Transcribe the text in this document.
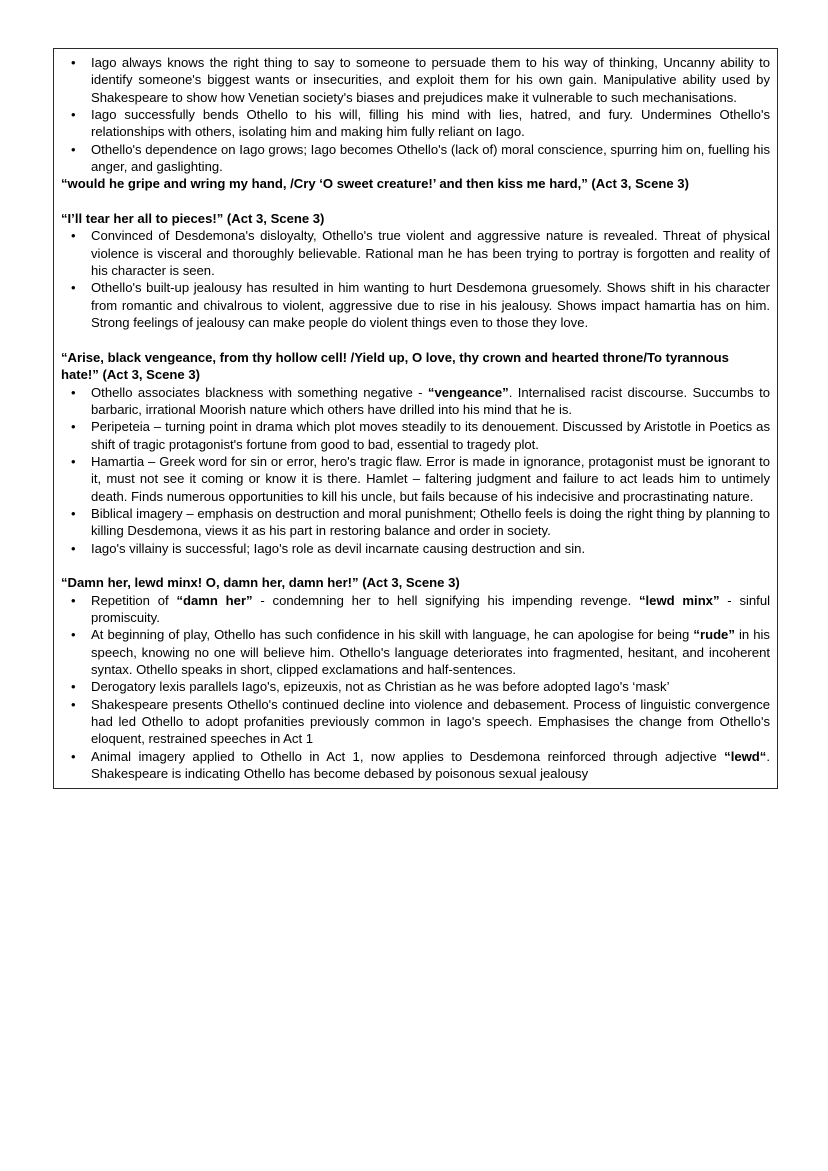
• Iago always knows the right thing to say to someone to persuade them to his way of thinking, Uncanny ability to identify someone's biggest wants or insecurities, and exploit them for his own gain. Manipulative ability used by Shakespeare to show how Venetian society's biases and prejudices make it vulnerable to such mechanisations.
• Iago successfully bends Othello to his will, filling his mind with lies, hatred, and fury. Undermines Othello's relationships with others, isolating him and making him fully reliant on Iago.
• Othello's dependence on Iago grows; Iago becomes Othello's (lack of) moral conscience, spurring him on, fuelling his anger, and gaslighting.

“would he gripe and wring my hand, /Cry ‘O sweet creature!’ and then kiss me hard,” (Act 3, Scene 3)

“I’ll tear her all to pieces!” (Act 3, Scene 3)

• Convinced of Desdemona's disloyalty, Othello's true violent and aggressive nature is revealed. Threat of physical violence is visceral and thoroughly believable. Rational man he has been trying to portray is forgotten and reality of his character is seen.
• Othello's built-up jealousy has resulted in him wanting to hurt Desdemona gruesomely. Shows shift in his character from romantic and chivalrous to violent, aggressive due to rise in his jealousy. Shows impact hamartia has on him. Strong feelings of jealousy can make people do violent things even to those they love.

“Arise, black vengeance, from thy hollow cell! /Yield up, O love, thy crown and hearted throne/To tyrannous hate!” (Act 3, Scene 3)

• Othello associates blackness with something negative - “vengeance”. Internalised racist discourse. Succumbs to barbaric, irrational Moorish nature which others have drilled into his mind that he is.
• Peripeteia – turning point in drama which plot moves steadily to its denouement. Discussed by Aristotle in Poetics as shift of tragic protagonist's fortune from good to bad, essential to tragedy plot.
• Hamartia – Greek word for sin or error, hero's tragic flaw. Error is made in ignorance, protagonist must be ignorant to it, must not see it coming or know it is there. Hamlet – faltering judgment and failure to act leads him to untimely death. Finds numerous opportunities to kill his uncle, but fails because of his indecisive and procrastinating nature.
• Biblical imagery – emphasis on destruction and moral punishment; Othello feels is doing the right thing by planning to killing Desdemona, views it as his part in restoring balance and order in society.
• Iago's villainy is successful; Iago's role as devil incarnate causing destruction and sin.

“Damn her, lewd minx! O, damn her, damn her!” (Act 3, Scene 3)

• Repetition of “damn her” - condemning her to hell signifying his impending revenge. “lewd minx” - sinful promiscuity.
• At beginning of play, Othello has such confidence in his skill with language, he can apologise for being “rude” in his speech, knowing no one will believe him. Othello's language deteriorates into fragmented, hesitant, and incoherent syntax. Othello speaks in short, clipped exclamations and half-sentences.
• Derogatory lexis parallels Iago's, epizeuxis, not as Christian as he was before adopted Iago's ‘mask’
• Shakespeare presents Othello's continued decline into violence and debasement. Process of linguistic convergence had led Othello to adopt profanities previously common in Iago's speech. Emphasises the change from Othello's eloquent, restrained speeches in Act 1
• Animal imagery applied to Othello in Act 1, now applies to Desdemona reinforced through adjective “lewd“. Shakespeare is indicating Othello has become debased by poisonous sexual jealousy
